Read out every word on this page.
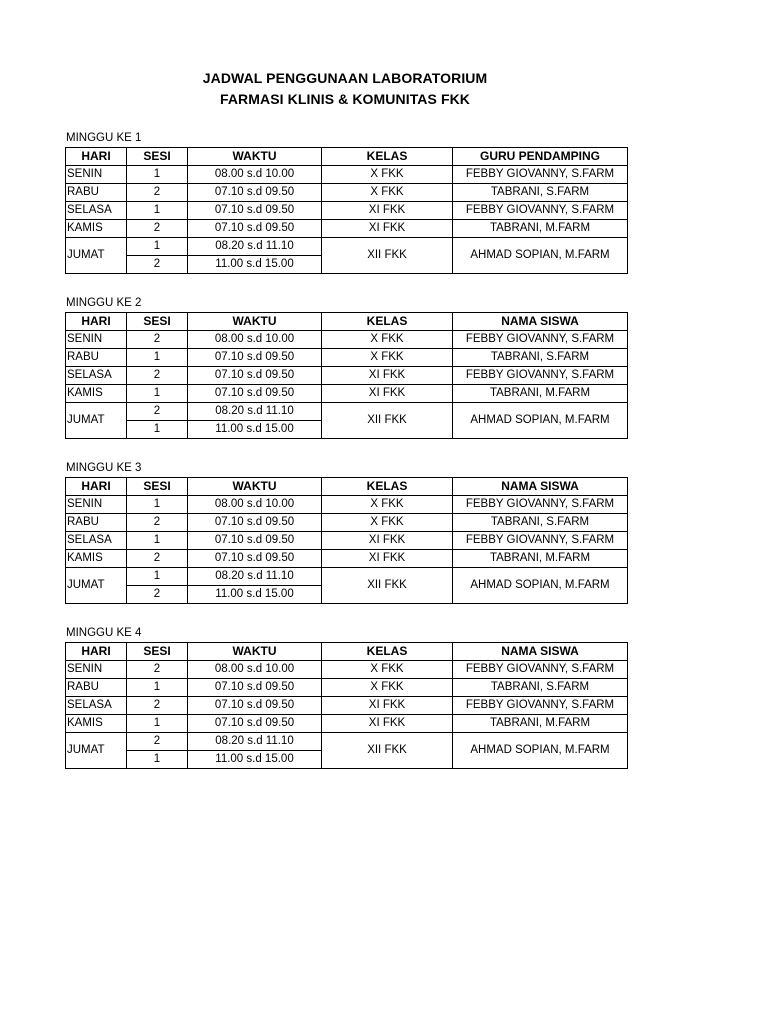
JADWAL PENGGUNAAN LABORATORIUM
FARMASI KLINIS & KOMUNITAS FKK
MINGGU KE 1
HARI	SESI	WAKTU	KELAS	GURU PENDAMPING
SENIN	1	08.00 s.d 10.00	X FKK	FEBBY GIOVANNY, S.FARM
RABU	2	07.10 s.d 09.50	X FKK	TABRANI, S.FARM
SELASA	1	07.10 s.d 09.50	XI FKK	FEBBY GIOVANNY, S.FARM
KAMIS	2	07.10 s.d 09.50	XI FKK	TABRANI, M.FARM
JUMAT	1	08.20 s.d 11.10	XII FKK	AHMAD SOPIAN, M.FARM
	2	11.00 s.d 15.00		
MINGGU KE 2
HARI	SESI	WAKTU	KELAS	NAMA SISWA
SENIN	2	08.00 s.d 10.00	X FKK	FEBBY GIOVANNY, S.FARM
RABU	1	07.10 s.d 09.50	X FKK	TABRANI, S.FARM
SELASA	2	07.10 s.d 09.50	XI FKK	FEBBY GIOVANNY, S.FARM
KAMIS	1	07.10 s.d 09.50	XI FKK	TABRANI, M.FARM
JUMAT	2	08.20 s.d 11.10	XII FKK	AHMAD SOPIAN, M.FARM
	1	11.00 s.d 15.00		
MINGGU KE 3
HARI	SESI	WAKTU	KELAS	NAMA SISWA
SENIN	1	08.00 s.d 10.00	X FKK	FEBBY GIOVANNY, S.FARM
RABU	2	07.10 s.d 09.50	X FKK	TABRANI, S.FARM
SELASA	1	07.10 s.d 09.50	XI FKK	FEBBY GIOVANNY, S.FARM
KAMIS	2	07.10 s.d 09.50	XI FKK	TABRANI, M.FARM
JUMAT	1	08.20 s.d 11.10	XII FKK	AHMAD SOPIAN, M.FARM
	2	11.00 s.d 15.00		
MINGGU KE 4
HARI	SESI	WAKTU	KELAS	NAMA SISWA
SENIN	2	08.00 s.d 10.00	X FKK	FEBBY GIOVANNY, S.FARM
RABU	1	07.10 s.d 09.50	X FKK	TABRANI, S.FARM
SELASA	2	07.10 s.d 09.50	XI FKK	FEBBY GIOVANNY, S.FARM
KAMIS	1	07.10 s.d 09.50	XI FKK	TABRANI, M.FARM
JUMAT	2	08.20 s.d 11.10	XII FKK	AHMAD SOPIAN, M.FARM
	1	11.00 s.d 15.00		
